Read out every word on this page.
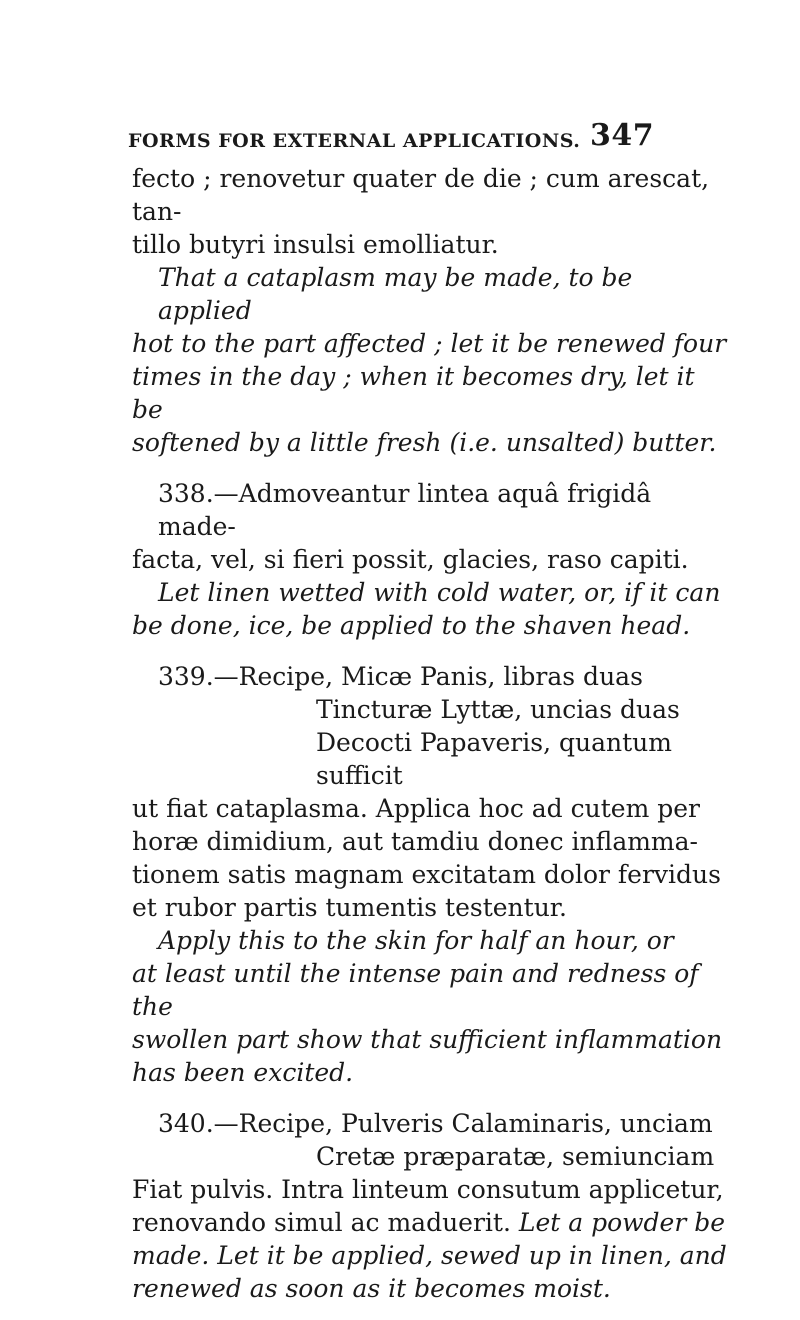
FORMS FOR EXTERNAL APPLICATIONS. 347
fecto ; renovetur quater de die ; cum arescat, tan-
tillo butyri insulsi emolliatur.
That a cataplasm may be made, to be applied
hot to the part affected ; let it be renewed four
times in the day ; when it becomes dry, let it be
softened by a little fresh (i.e. unsalted) butter.
338.—Admoveantur lintea aquâ frigidâ made-
facta, vel, si fieri possit, glacies, raso capiti.
Let linen wetted with cold water, or, if it can
be done, ice, be applied to the shaven head.
339.—Recipe, Micæ Panis, libras duas
Tincturæ Lyttæ, uncias duas
Decocti Papaveris, quantum
sufficit
ut fiat cataplasma. Applica hoc ad cutem per
horæ dimidium, aut tamdiu donec inflamma-
tionem satis magnam excitatam dolor fervidus
et rubor partis tumentis testentur.
Apply this to the skin for half an hour, or
at least until the intense pain and redness of the
swollen part show that sufficient inflammation
has been excited.
340.—Recipe, Pulveris Calaminaris, unciam
Cretæ præparatæ, semiunciam
Fiat pulvis. Intra linteum consutum applicetur,
renovando simul ac maduerit. Let a powder be
made. Let it be applied, sewed up in linen, and
renewed as soon as it becomes moist.
